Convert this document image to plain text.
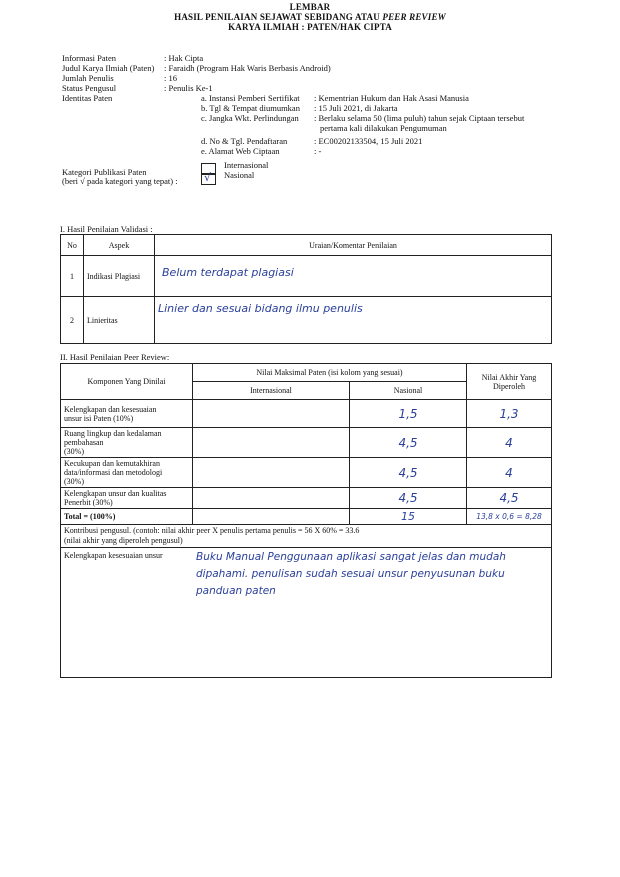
LEMBAR
HASIL PENILAIAN SEJAWAT SEBIDANG ATAU PEER REVIEW
KARYA ILMIAH : PATEN/HAK CIPTA
Informasi Paten	: Hak Cipta
Judul Karya Ilmiah (Paten) : Faraidh (Program Hak Waris Berbasis Android)
Jumlah Penulis	: 16
Status Pengusul	: Penulis Ke-1
Identitas Paten	a. Instansi Pemberi Sertifikat : Kementrian Hukum dan Hak Asasi Manusia
b. Tgl & Tempat diumumkan : 15 Juli 2021, di Jakarta
c. Jangka Wkt. Perlindungan : Berlaku selama 50 (lima puluh) tahun sejak Ciptaan tersebut
pertama kali dilakukan Pengumuman
d. No & Tgl. Pendaftaran	: EC00202133504, 15 Juli 2021
e. Alamat Web Ciptaan	: -
Kategori Publikasi Paten
(beri √ pada kategori yang tepat) : √
Internasional
Nasional
I. Hasil Penilaian Validasi :
No	Aspek	Uraian/Komentar Penilaian
1	Indikasi Plagiasi	Belum terdapat plagiasi
2	Linieritas	Linier dan sesuai bidang ilmu penulis
II. Hasil Penilaian Peer Review:
Komponen Yang Dinilai	Nilai Maksimal Paten (isi kolom yang sesuai)		Nilai Akhir Yang Diperoleh
	Internasional	Nasional	

Kelengkapan dan kesesuaian
unsur isi Paten (10%)		1,5	1,3

Ruang lingkup dan kedalaman
pembahasan
(30%)		4,5	4

Kecukupan dan kemutakhiran
data/informasi dan metodologi
(30%)		4,5	4

Kelengkapan unsur dan kualitas
Penerbit (30%)		4,5	4,5
Total = (100%)		15	13,8 x 0,6 = 8,28

Kontribusi pengusul. (contoh: nilai akhir peer X penulis pertama penulis = 56 X 60% = 33.6
(nilai akhir yang diperoleh pengusul)			

Kelengkapan kesesuaian unsur Buku Manual Penggunaan aplikasi sangat jelas dan mudah
dipahami. penulisan sudah sesuai unsur penyusunan buku
panduan paten			
